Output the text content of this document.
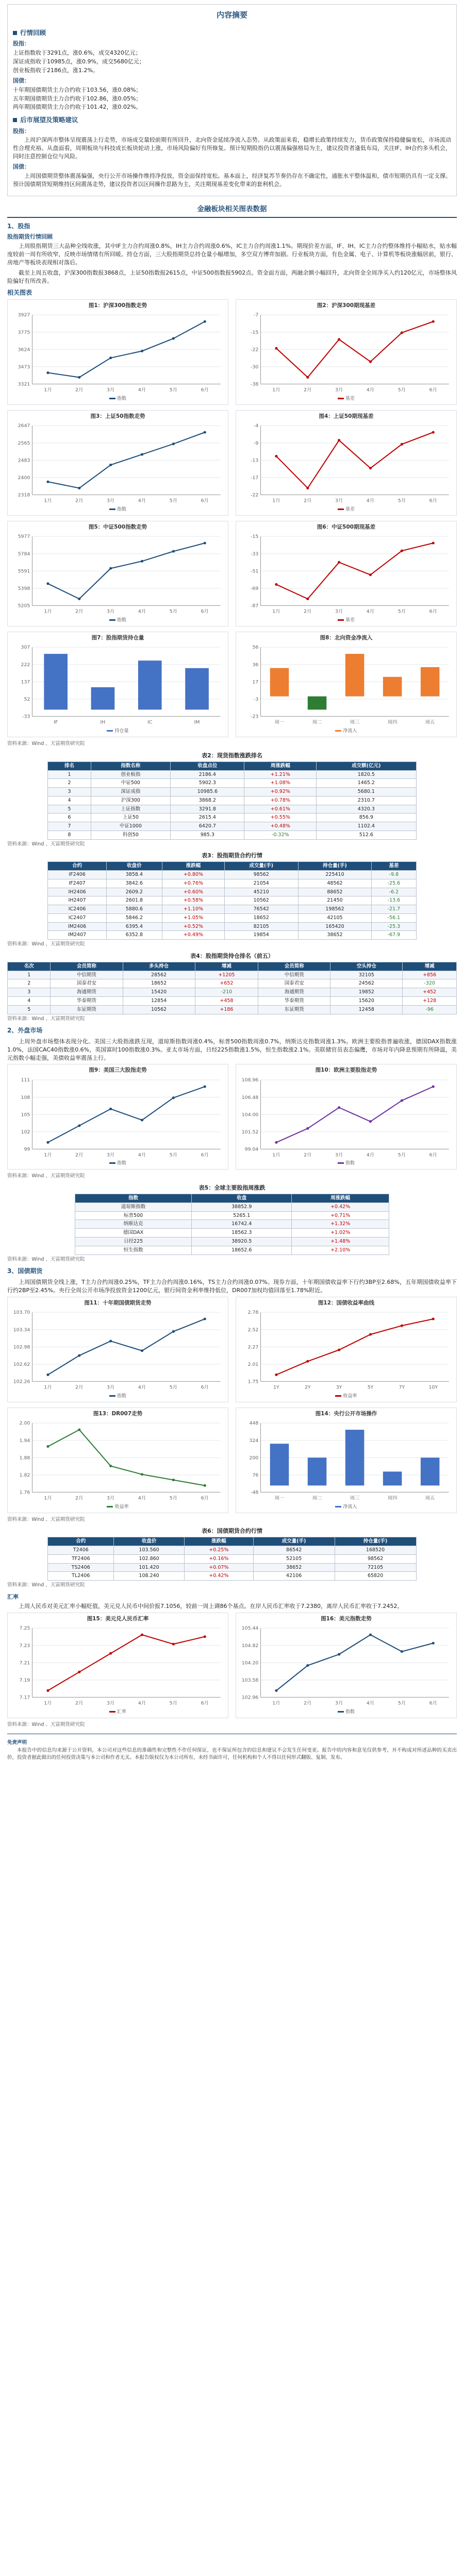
内容摘要
行情回顾
股指：
上证指数收于3291点，涨0.6%，成交4320亿元；
深证成指收于10985点，涨0.9%，成交5680亿元；
创业板指收于2186点，涨1.2%。
国债：
十年期国债期货主力合约收于103.56，涨0.08%；
五年期国债期货主力合约收于102.86，涨0.05%；
两年期国债期货主力合约收于101.42，涨0.02%。
后市展望及策略建议
股指：
上周沪深两市整体呈现震荡上行走势，市场成交量较前期有所回升，北向资金延续净流入态势。从政策面来看，稳增长政策持续发力，货币政策保持稳健偏宽松，市场流动性合理充裕。从盘面看，周期板块与科技成长板块轮动上涨，市场风险偏好有所修复。预计短期股指仍以震荡偏强格局为主，建议投资者逢低布局，关注IF、IH合约多头机会，同时注意控制仓位与风险。
国债：
上周国债期货整体震荡偏强，央行公开市场操作维持净投放，资金面保持宽松。基本面上，经济复苏节奏仍存在不确定性，通胀水平整体温和，债市短期仍具有一定支撑。预计国债期货短期维持区间震荡走势，建议投资者以区间操作思路为主，关注期现基差变化带来的套利机会。
金融板块相关图表数据
1、股指
股指期货行情回顾
上周股指期货三大品种全线收涨，其中IF主力合约周涨0.8%，IH主力合约周涨0.6%，IC主力合约周涨1.1%。期现价差方面，IF、IH、IC主力合约整体维持小幅贴水，贴水幅度较前一周有所收窄，反映市场情绪有所回暖。持仓方面，三大股指期货总持仓量小幅增加，多空双方博弈加剧。行业板块方面，有色金属、电子、计算机等板块涨幅居前，银行、房地产等板块表现相对落后。
截至上周五收盘，沪深300指数报3868点，上证50指数报2615点，中证500指数报5902点。资金面方面，两融余额小幅回升，北向资金全周净买入约120亿元，市场整体风险偏好有所改善。
相关图表
图1：沪深300指数走势
3321
3473
3624
3775
3927
1月	2月	3月	4月	5月	6月
指数
图2：沪深300期现基差
-38
-30
-22
-15
-7
1月	2月	3月	4月	5月	6月
基差
图3：上证50指数走势
2318
2400
2483
2565
2647
1月	2月	3月	4月	5月	6月
指数
图4：上证50期现基差
-22
-17
-13
-9
-4
1月	2月	3月	4月	5月	6月
基差
图5：中证500指数走势
5205
5398
5591
5784
5977
1月	2月	3月	4月	5月	6月
指数
图6：中证500期现基差
-87
-69
-51
-33
-15
1月	2月	3月	4月	5月	6月
基差
图7：股指期货持仓量
-33
52
137
222
307
IF	IH	IC	IM
持仓量
图8：北向资金净流入
-23
-3
17
36
56
周一	周二	周三	周四	周五
净流入
资料来源：Wind 、天富期货研究院
表2：现货指数涨跌排名
排名	指数名称	收盘点位	周涨跌幅	成交额(亿元)
1	创业板指	2186.4	+1.21%	1820.5
2	中证500	5902.3	+1.08%	1465.2
3	深证成指	10985.6	+0.92%	5680.1
4	沪深300	3868.2	+0.78%	2310.7
5	上证指数	3291.8	+0.61%	4320.3
6	上证50	2615.4	+0.55%	856.9
7	中证1000	6420.7	+0.48%	1102.4
8	科创50	985.3	-0.32%	512.6
资料来源：Wind 、天富期货研究院
表3：股指期货合约行情
合约	收盘价	涨跌幅	成交量(手)	持仓量(手)	基差
IF2406	3858.4	+0.80%	98562	225410	-9.8
IF2407	3842.6	+0.76%	21054	48562	-25.6
IH2406	2609.2	+0.60%	45210	88652	-6.2
IH2407	2601.8	+0.58%	10562	21450	-13.6
IC2406	5880.6	+1.10%	76542	198562	-21.7
IC2407	5846.2	+1.05%	18652	42105	-56.1
IM2406	6395.4	+0.52%	82105	165420	-25.3
IM2407	6352.8	+0.49%	19854	38652	-67.9
资料来源：Wind 、天富期货研究院
表4：股指期货持仓排名（前五）
名次	会员简称	多头持仓	增减	会员简称	空头持仓	增减
1	中信期货	28562	+1205	中信期货	32105	+856
2	国泰君安	18652	+652	国泰君安	24562	-320
3	海通期货	15420	-210	海通期货	19852	+452
4	华泰期货	12854	+458	华泰期货	15620	+128
5	东证期货	10562	+186	东证期货	12458	-96
资料来源：Wind 、天富期货研究院
2、外盘市场
上周外盘市场整体表现分化。美国三大股指涨跌互现，道琼斯指数周涨0.4%，标普500指数周涨0.7%，纳斯达克指数周涨1.3%。欧洲主要股指普遍收涨，德国DAX指数涨1.0%，法国CAC40指数涨0.6%，英国富时100指数涨0.3%。亚太市场方面，日经225指数涨1.5%，恒生指数涨2.1%。美联储官员表态偏鹰，市场对年内降息预期有所降温，美元指数小幅走强，美债收益率震荡上行。
图9：美国三大股指走势
99
102
105
108
111
1月	2月	3月	4月	5月	6月
指数
图10：欧洲主要股指走势
99.04
101.52
104.00
106.48
108.96
1月	2月	3月	4月	5月	6月
指数
资料来源：Wind 、天富期货研究院
表5：全球主要股指周涨跌
指数	收盘	周涨跌幅
道琼斯指数	38852.9	+0.42%
标普500	5265.1	+0.71%
纳斯达克	16742.4	+1.32%
德国DAX	18562.3	+1.02%
日经225	38920.5	+1.48%
恒生指数	18652.6	+2.10%
资料来源：Wind 、天富期货研究院
3、国债期货
上周国债期货全线上涨，T主力合约周涨0.25%，TF主力合约周涨0.16%，TS主力合约周涨0.07%。现券方面，十年期国债收益率下行约3BP至2.68%，五年期国债收益率下行约2BP至2.45%。央行全周公开市场净投放资金1200亿元，银行间资金利率维持低位，DR007加权均值回落至1.78%附近。
图11：十年期国债期货走势
102.26
102.62
102.98
103.34
103.70
1月	2月	3月	4月	5月	6月
指数
图12：国债收益率曲线
1.75
2.01
2.27
2.52
2.78
1Y	2Y	3Y	5Y	7Y	10Y
收益率
图13：DR007走势
1.76
1.82
1.88
1.94
2.00
1月	2月	3月	4月	5月	6月
收益率
图14：央行公开市场操作
-48
76
200
324
448
周一	周二	周三	周四	周五
净流入
资料来源：Wind 、天富期货研究院
表6：国债期货合约行情
合约	收盘价	涨跌幅	成交量(手)	持仓量(手)
T2406	103.560	+0.25%	86542	168520
TF2406	102.860	+0.16%	52105	98562
TS2406	101.420	+0.07%	38652	72105
TL2406	108.240	+0.42%	42106	65820
资料来源：Wind 、天富期货研究院
汇率
上周人民币对美元汇率小幅贬值，美元兑人民币中间价报7.1056，较前一周上调86个基点。在岸人民币汇率收于7.2380，离岸人民币汇率收于7.2452。
图15：美元兑人民币汇率
7.17
7.19
7.21
7.23
7.25
1月	2月	3月	4月	5月	6月
汇率
图16：美元指数走势
102.96
103.58
104.20
104.82
105.44
1月	2月	3月	4月	5月	6月
指数
资料来源：Wind 、天富期货研究院
免责声明
本报告中的信息均来源于公开资料，本公司对这些信息的准确性和完整性不作任何保证，也不保证所包含的信息和建议不会发生任何变更。报告中的内容和意见仅供参考，并不构成对所述品种的买卖出价，投资者据此做出的任何投资决策与本公司和作者无关。本报告版权仅为本公司所有，未经书面许可，任何机构和个人不得以任何形式翻版、复制、发布。
